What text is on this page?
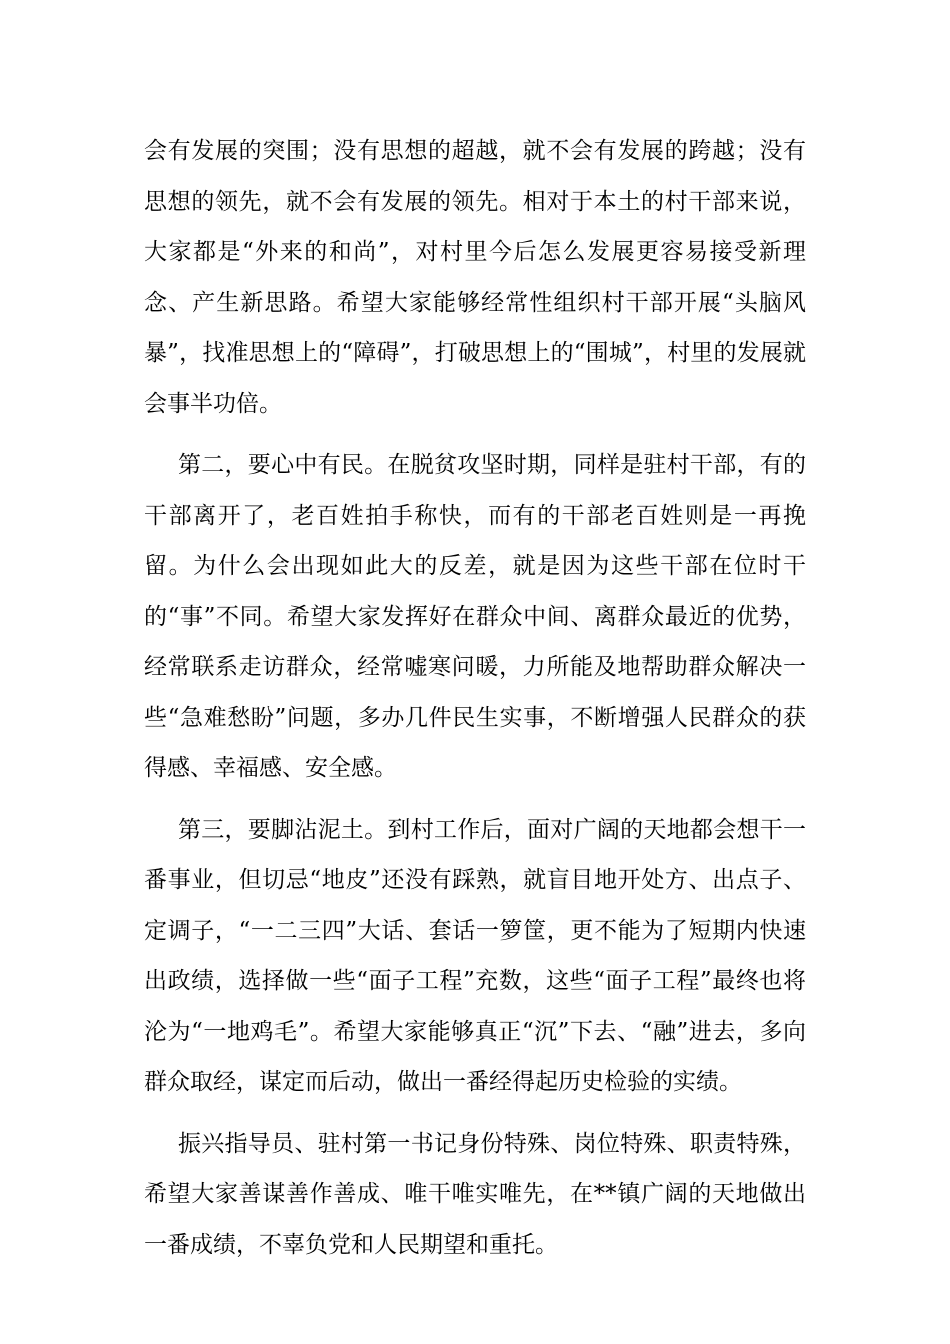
会有发展的突围；没有思想的超越，就不会有发展的跨越；没有思想的领先，就不会有发展的领先。相对于本土的村干部来说，大家都是“外来的和尚”，对村里今后怎么发展更容易接受新理念、产生新思路。希望大家能够经常性组织村干部开展“头脑风暴”，找准思想上的“障碍”，打破思想上的“围城”，村里的发展就会事半功倍。

第二，要心中有民。在脱贫攻坚时期，同样是驻村干部，有的干部离开了，老百姓拍手称快，而有的干部老百姓则是一再挽留。为什么会出现如此大的反差，就是因为这些干部在位时干的“事”不同。希望大家发挥好在群众中间、离群众最近的优势，经常联系走访群众，经常嘘寒问暖，力所能及地帮助群众解决一些“急难愁盼”问题，多办几件民生实事，不断增强人民群众的获得感、幸福感、安全感。

第三，要脚沾泥土。到村工作后，面对广阔的天地都会想干一番事业，但切忌“地皮”还没有踩熟，就盲目地开处方、出点子、定调子，“一二三四”大话、套话一箩筐，更不能为了短期内快速出政绩，选择做一些“面子工程”充数，这些“面子工程”最终也将沦为“一地鸡毛”。希望大家能够真正“沉”下去、“融”进去，多向群众取经，谋定而后动，做出一番经得起历史检验的实绩。

振兴指导员、驻村第一书记身份特殊、岗位特殊、职责特殊，希望大家善谋善作善成、唯干唯实唯先，在**镇广阔的天地做出一番成绩，不辜负党和人民期望和重托。
